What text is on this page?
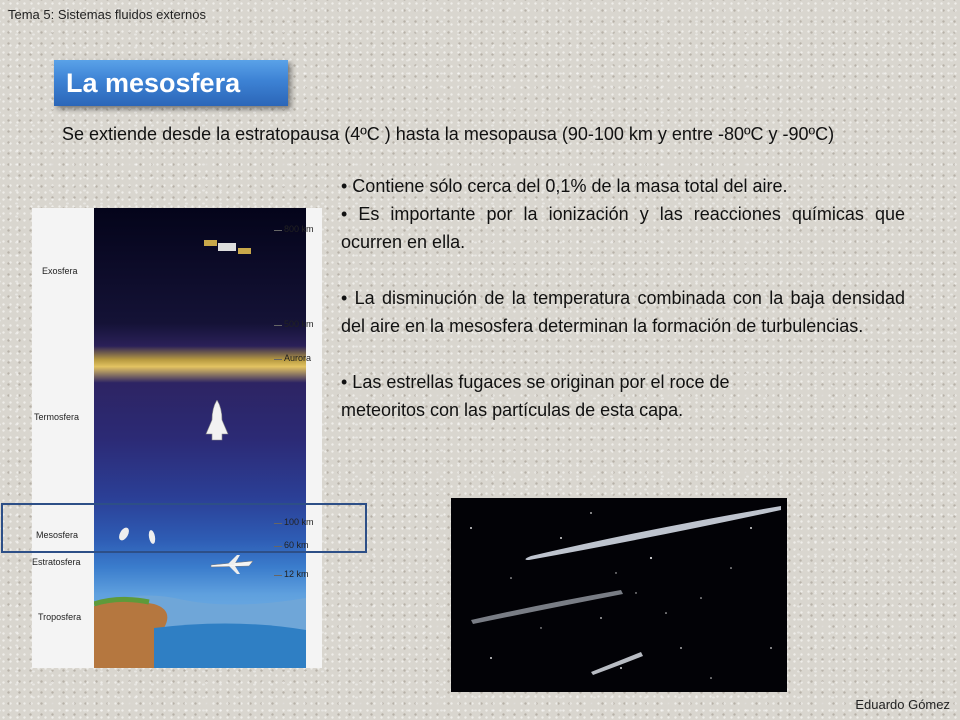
Tema 5: Sistemas fluidos externos
La mesosfera
Se extiende desde la estratopausa (4ºC ) hasta la mesopausa (90-100 km y entre -80ºC y -90ºC)

• Contiene sólo cerca del 0,1% de la masa total del aire.

• Es importante por la ionización y las reacciones químicas que ocurren en ella.

• La disminución de la temperatura combinada con la baja densidad del aire en la mesosfera determinan la formación de turbulencias.

• Las estrellas fugaces se originan por el roce de meteoritos con las partículas de esta capa.

Exosfera
Termosfera
Mesosfera
Estratosfera
Troposfera
800 km
500 km
Aurora
100 km
60 km
12 km
Eduardo Gómez
